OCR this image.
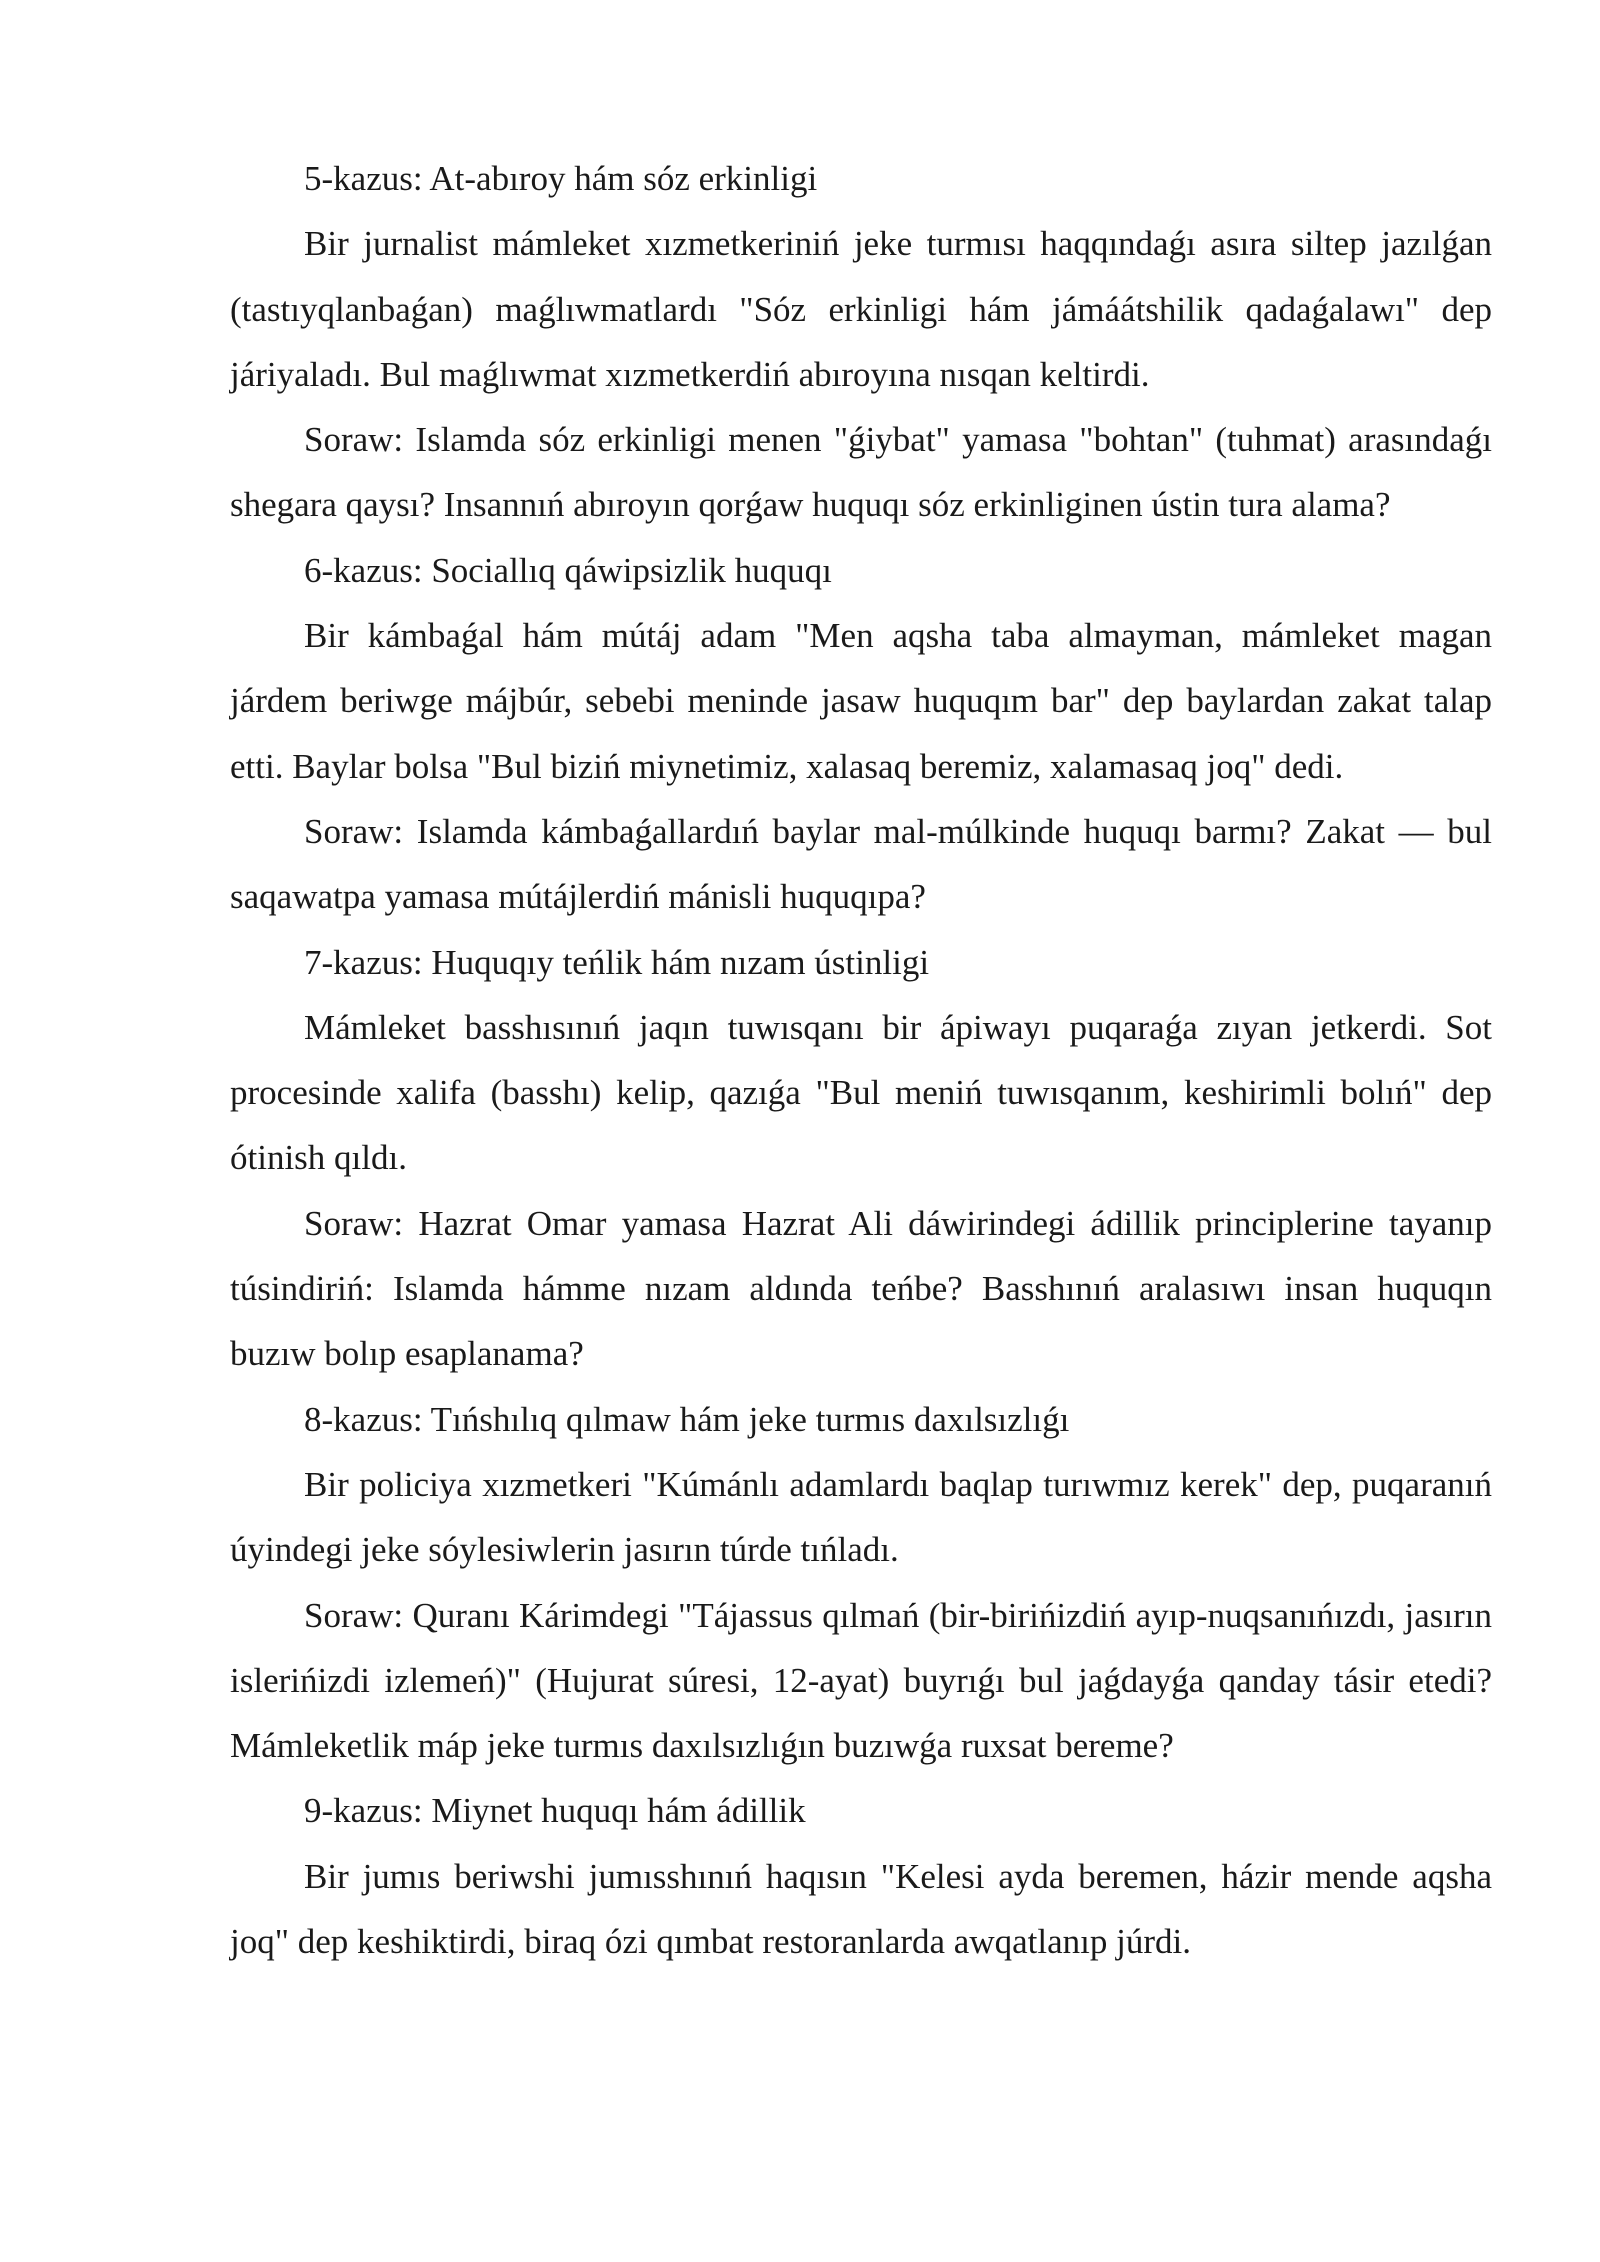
5-kazus: At-abıroy hám sóz erkinligi

Bir jurnalist mámleket xızmetkeriniń jeke turmısı haqqındaǵı asıra siltep jazılǵan (tastıyqlanbaǵan) maǵlıwmatlardı "Sóz erkinligi hám jámáátshilik qadaǵalawı" dep járiyaladı. Bul maǵlıwmat xızmetkerdiń abıroyına nısqan keltirdi.

Soraw: Islamda sóz erkinligi menen "ǵiybat" yamasa "bohtan" (tuhmat) arasındaǵı shegara qaysı? Insannıń abıroyın qorǵaw huquqı sóz erkinliginen ústin tura alama?

6-kazus: Sociallıq qáwipsizlik huquqı

Bir kámbaǵal hám mútáj adam "Men aqsha taba almayman, mámleket magan járdem beriwge májbúr, sebebi meninde jasaw huquqım bar" dep baylardan zakat talap etti. Baylar bolsa "Bul biziń miynetimiz, xalasaq beremiz, xalamasaq joq" dedi.

Soraw: Islamda kámbaǵallardıń baylar mal-múlkinde huquqı barmı? Zakat — bul saqawatpa yamasa mútájlerdiń mánisli huquqıpa?

7-kazus: Huquqıy teńlik hám nızam ústinligi

Mámleket basshısınıń jaqın tuwısqanı bir ápiwayı puqaraǵa zıyan jetkerdi. Sot procesinde xalifa (basshı) kelip, qazıǵa "Bul meniń tuwısqanım, keshirimli bolıń" dep ótinish qıldı.

Soraw: Hazrat Omar yamasa Hazrat Ali dáwirindegi ádillik principlerine tayanıp túsindiriń: Islamda hámme nızam aldında teńbe? Basshınıń aralasıwı insan huquqın buzıw bolıp esaplanama?

8-kazus: Tıńshılıq qılmaw hám jeke turmıs daxılsızlıǵı

Bir policiya xızmetkeri "Kúmánlı adamlardı baqlap turıwmız kerek" dep, puqaranıń úyindegi jeke sóylesiwlerin jasırın túrde tıńladı.

Soraw: Quranı Kárimdegi "Tájassus qılmań (bir-birińizdiń ayıp-nuqsanıńızdı, jasırın islerińizdi izlemeń)" (Hujurat súresi, 12-ayat) buyrıǵı bul jaǵdayǵa qanday tásir etedi? Mámleketlik máp jeke turmıs daxılsızlıǵın buzıwǵa ruxsat bereme?

9-kazus: Miynet huquqı hám ádillik

Bir jumıs beriwshi jumısshınıń haqısın "Kelesi ayda beremen, házir mende aqsha joq" dep keshiktirdi, biraq ózi qımbat restoranlarda awqatlanıp júrdi.
